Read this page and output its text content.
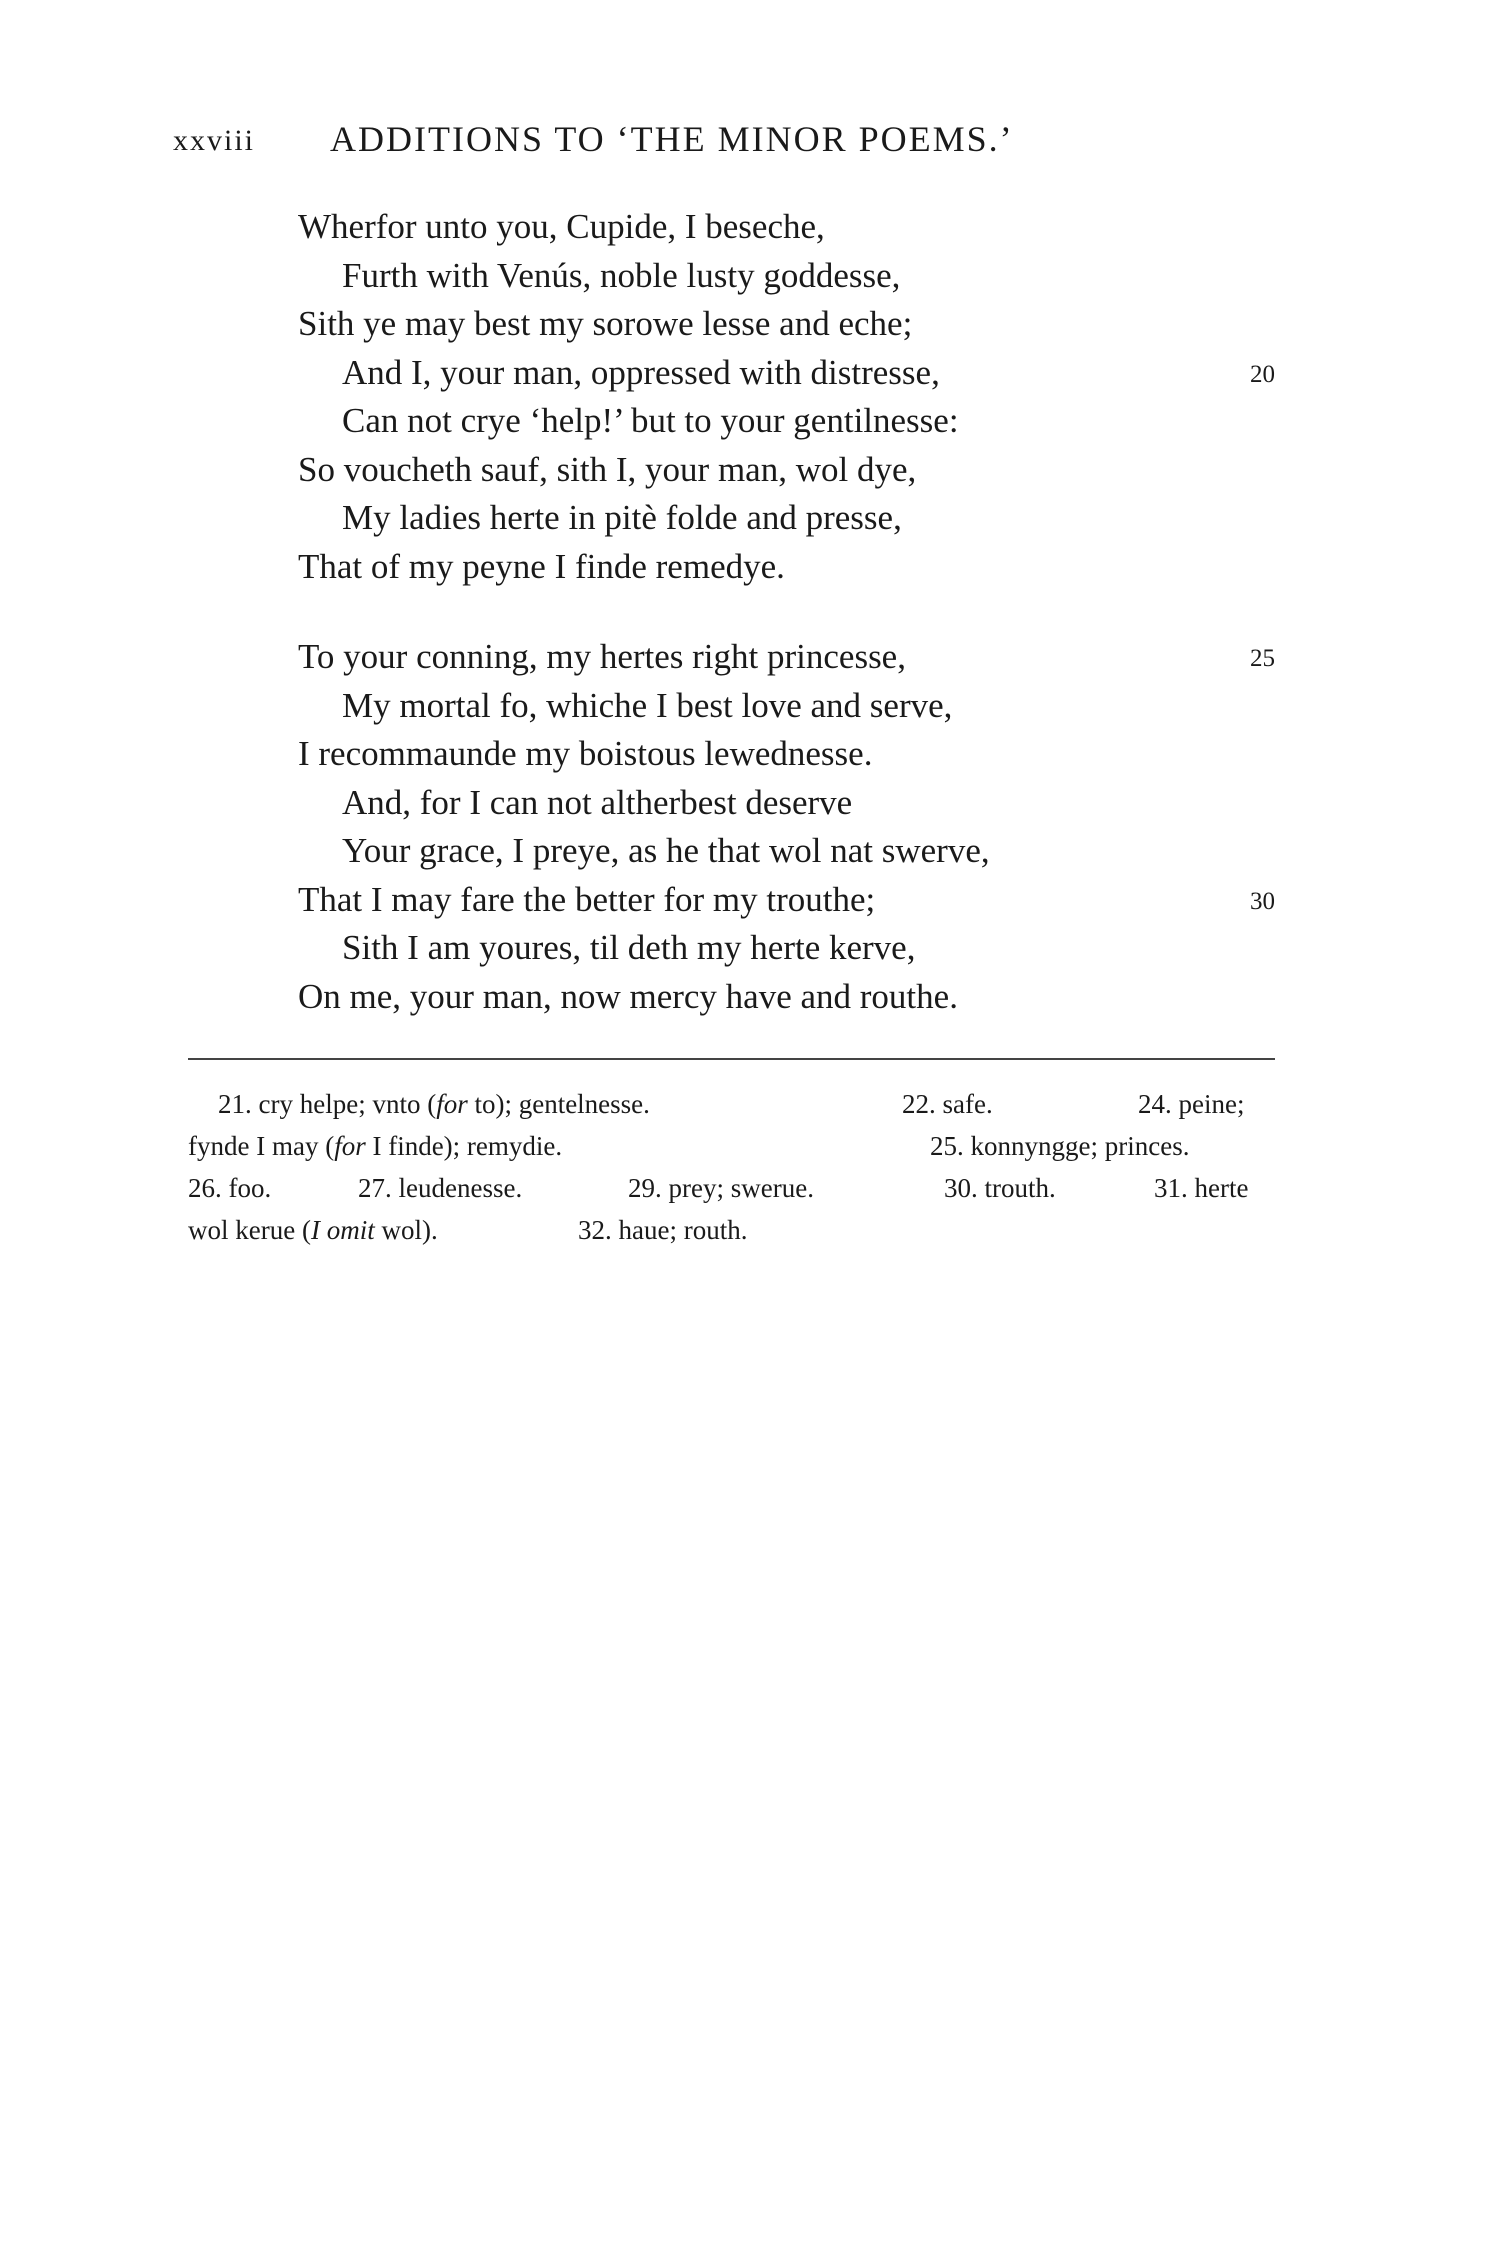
xxviii ADDITIONS TO ‘THE MINOR POEMS.’
Wherfor unto you, Cupide, I beseche,
Furth with Venús, noble lusty goddesse,
Sith ye may best my sorowe lesse and eche;
And I, your man, oppressed with distresse,	20
Can not crye ‘help!’ but to your gentilnesse:
So voucheth sauf, sith I, your man, wol dye,
My ladies herte in pitè folde and presse,
That of my peyne I finde remedye.
To your conning, my hertes right princesse,	25
My mortal fo, whiche I best love and serve,
I recommaunde my boistous lewednesse.
And, for I can not altherbest deserve
Your grace, I preye, as he that wol nat swerve,
That I may fare the better for my trouthe;	30
Sith I am youres, til deth my herte kerve,
On me, your man, now mercy have and routhe.
21. cry helpe; vnto (for to); gentelnesse.	22. safe.	24. peine;
fynde I may (for I finde); remydie.	25. konnyngge; princes.
26. foo.	27. leudenesse.	29. prey; swerue.	30. trouth.	31. herte
wol kerue (I omit wol).	32. haue; routh.
